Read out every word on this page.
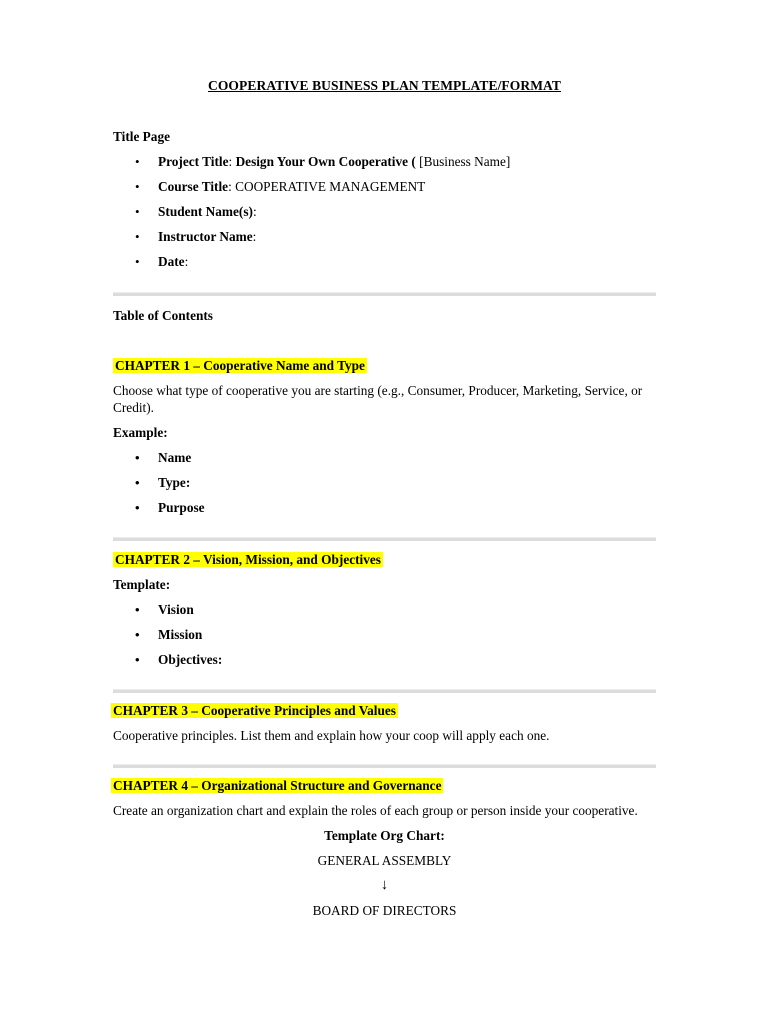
COOPERATIVE BUSINESS PLAN TEMPLATE/FORMAT

Title Page

• Project Title: Design Your Own Cooperative ( [Business Name]
• Course Title: COOPERATIVE MANAGEMENT
• Student Name(s):
• Instructor Name:
• Date:

Table of Contents

CHAPTER 1 – Cooperative Name and Type

Choose what type of cooperative you are starting (e.g., Consumer, Producer, Marketing, Service, or Credit).

Example:

• Name
• Type:
• Purpose

CHAPTER 2 – Vision, Mission, and Objectives

Template:

• Vision
• Mission
• Objectives:

CHAPTER 3 – Cooperative Principles and Values

Cooperative principles. List them and explain how your coop will apply each one.

CHAPTER 4 – Organizational Structure and Governance

Create an organization chart and explain the roles of each group or person inside your cooperative.

Template Org Chart:

GENERAL ASSEMBLY

↓

BOARD OF DIRECTORS
